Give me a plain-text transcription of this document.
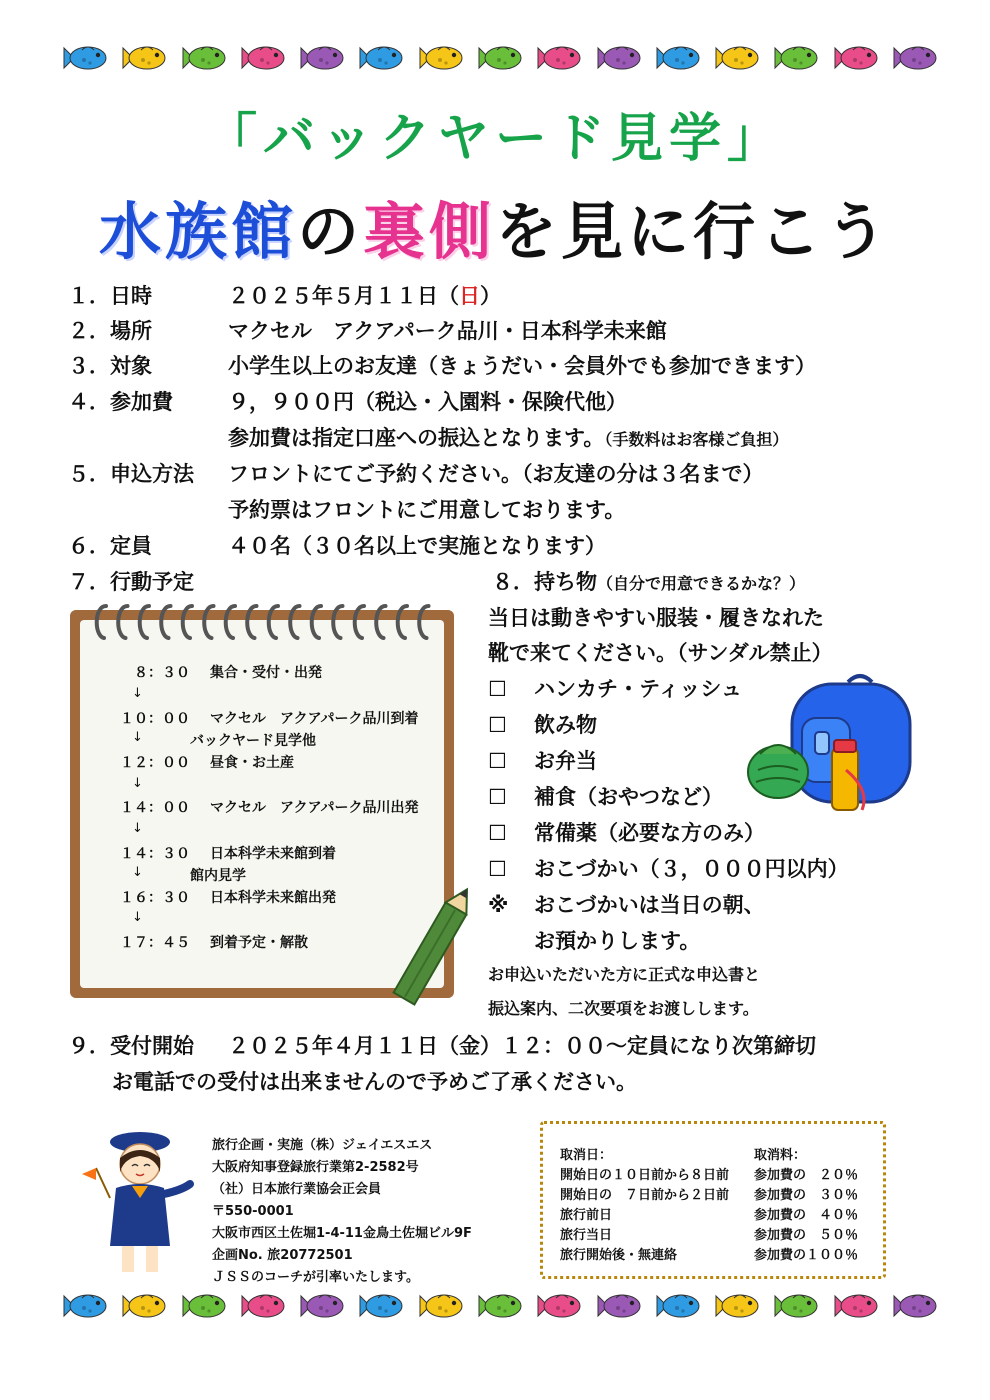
「バックヤード見学」
水族館の裏側を見に行こう
１．日時	２０２５年５月１１日（日）
２．場所	マクセル　アクアパーク品川・日本科学未来館
３．対象	小学生以上のお友達（きょうだい・会員外でも参加できます）
４．参加費	９，９００円（税込・入園料・保険代他）
参加費は指定口座への振込となります。（手数料はお客様ご負担）
５．申込方法 フロントにてご予約ください。（お友達の分は３名まで）
予約票はフロントにご用意しております。
６．定員	４０名（３０名以上で実施となります）
７．行動予定
８：３０ 集合・受付・出発
↓
１０：００ マクセル　アクアパーク品川到着
↓	バックヤード見学他
１２：００ 昼食・お土産
↓
１４：００ マクセル　アクアパーク品川出発
↓
１４：３０ 日本科学未来館到着
↓	館内見学
１６：３０ 日本科学未来館出発
↓
１７：４５ 到着予定・解散
８．持ち物（自分で用意できるかな？）
当日は動きやすい服装・履きなれた
靴で来てください。（サンダル禁止）
☐ ハンカチ・ティッシュ
☐ 飲み物
☐ お弁当
☐ 補食（おやつなど）
☐ 常備薬（必要な方のみ）
☐ おこづかい（３，０００円以内）
※ おこづかいは当日の朝、
お預かりします。
お申込いただいた方に正式な申込書と
振込案内、二次要項をお渡しします。
９．受付開始 ２０２５年４月１１日（金）１２：００～定員になり次第締切
お電話での受付は出来ませんので予めご了承ください。
旅行企画・実施（株）ジェイエスエス
大阪府知事登録旅行業第2-2582号
（社）日本旅行業協会正会員
〒550-0001
大阪市西区土佐堀1-4-11金鳥土佐堀ビル9F
企画No. 旅20772501
ＪＳＳのコーチが引率いたします。
取消日：	取消料：
開始日の１０日前から８日前 参加費の　２０％
開始日の　７日前から２日前 参加費の　３０％
旅行前日	参加費の　４０％
旅行当日	参加費の　５０％
旅行開始後・無連絡	参加費の１００％
